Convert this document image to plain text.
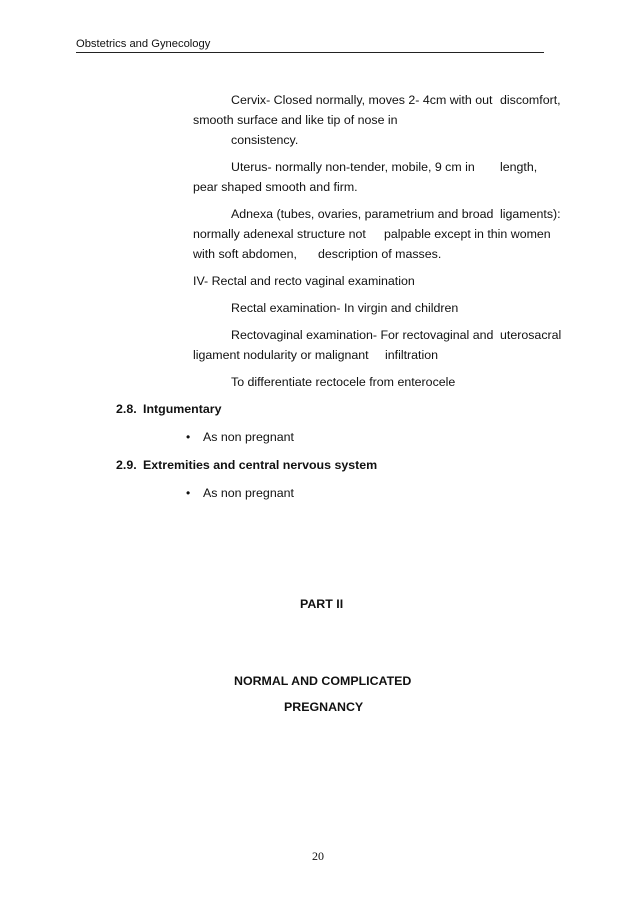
Obstetrics and Gynecology
Cervix- Closed normally, moves 2- 4cm with out discomfort,
smooth surface and like tip of nose in
consistency.
Uterus- normally non-tender, mobile, 9 cm in length,
pear shaped smooth and firm.
Adnexa (tubes, ovaries, parametrium and broad ligaments):
normally adenexal structure not palpable except in thin women
with soft abdomen, description of masses.
IV- Rectal and recto vaginal examination
Rectal examination- In virgin and children
Rectovaginal examination- For rectovaginal and uterosacral
ligament nodularity or malignant infiltration
To differentiate rectocele from enterocele
2.8. Intgumentary
• As non pregnant
2.9. Extremities and central nervous system
• As non pregnant
PART II
NORMAL AND COMPLICATED
PREGNANCY
20
